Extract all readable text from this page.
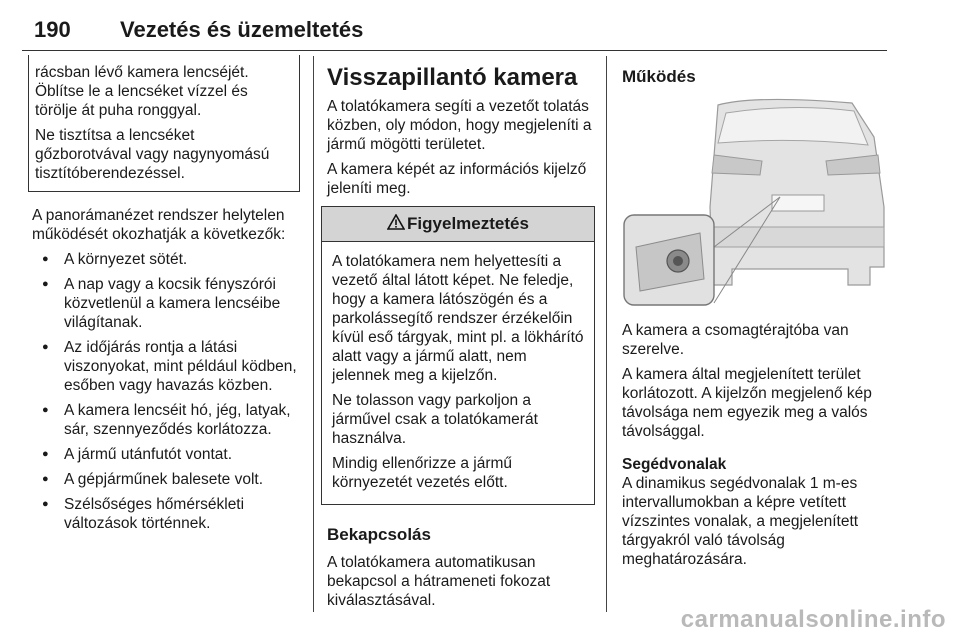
190 Vezetés és üzemeltetés

rácsban lévő kamera lencséjét. Öblítse le a lencséket vízzel és törölje át puha ronggyal.

Ne tisztítsa a lencséket gőzborotvával vagy nagynyomású tisztítóberendezéssel.

A panorámanézet rendszer helytelen működését okozhatják a következők:

● A környezet sötét.
● A nap vagy a kocsik fényszórói közvetlenül a kamera lencséibe világítanak.
● Az időjárás rontja a látási viszonyokat, mint például ködben, esőben vagy havazás közben.
● A kamera lencséit hó, jég, latyak, sár, szennyeződés korlátozza.
● A jármű utánfutót vontat.
● A gépjárműnek balesete volt.
● Szélsőséges hőmérsékleti változások történnek.
Visszapillantó kamera

A tolatókamera segíti a vezetőt tolatás közben, oly módon, hogy megjeleníti a jármű mögötti területet.

A kamera képét az információs kijelző jeleníti meg.

Figyelmeztetés

A tolatókamera nem helyettesíti a vezető által látott képet. Ne feledje, hogy a kamera látószögén és a parkolássegítő rendszer érzékelőin kívül eső tárgyak, mint pl. a lökhárító alatt vagy a jármű alatt, nem jelennek meg a kijelzőn.

Ne tolasson vagy parkoljon a járművel csak a tolatókamerát használva.

Mindig ellenőrizze a jármű környezetét vezetés előtt.

Bekapcsolás

A tolatókamera automatikusan bekapcsol a hátrameneti fokozat kiválasztásával.

Működés

A kamera a csomagtérajtóba van szerelve.

A kamera által megjelenített terület korlátozott. A kijelzőn megjelenő kép távolsága nem egyezik meg a valós távolsággal.

Segédvonalak

A dinamikus segédvonalak 1 m-es intervallumokban a képre vetített vízszintes vonalak, a megjelenített tárgyakról való távolság meghatározására.

carmanualsonline.info
